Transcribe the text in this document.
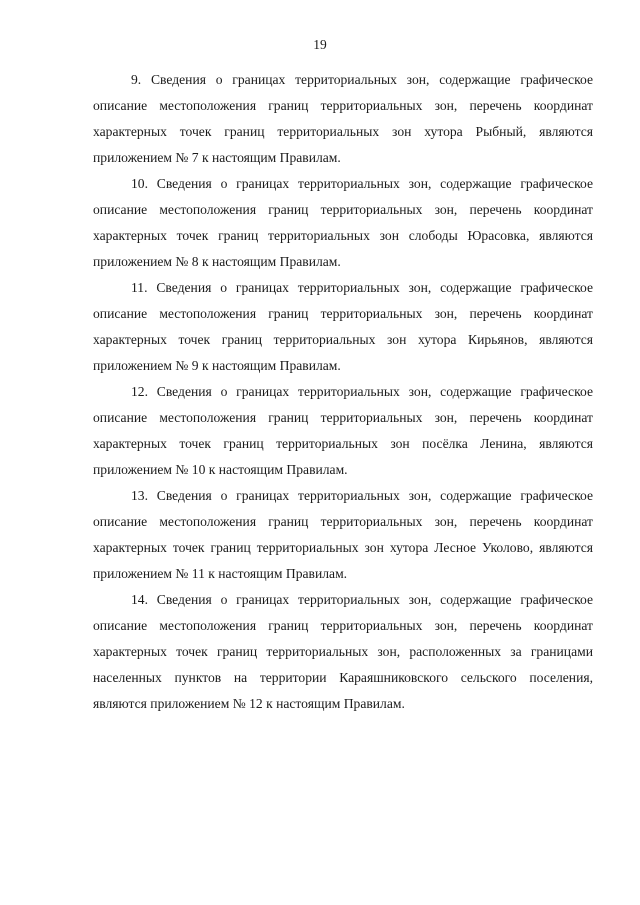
19

9. Сведения о границах территориальных зон, содержащие графическое описание местоположения границ территориальных зон, перечень координат характерных точек границ территориальных зон хутора Рыбный, являются приложением № 7 к настоящим Правилам.

10. Сведения о границах территориальных зон, содержащие графическое описание местоположения границ территориальных зон, перечень координат характерных точек границ территориальных зон слободы Юрасовка, являются приложением № 8 к настоящим Правилам.

11. Сведения о границах территориальных зон, содержащие графическое описание местоположения границ территориальных зон, перечень координат характерных точек границ территориальных зон хутора Кирьянов, являются приложением № 9 к настоящим Правилам.

12. Сведения о границах территориальных зон, содержащие графическое описание местоположения границ территориальных зон, перечень координат характерных точек границ территориальных зон посёлка Ленина, являются приложением № 10 к настоящим Правилам.

13. Сведения о границах территориальных зон, содержащие графическое описание местоположения границ территориальных зон, перечень координат характерных точек границ территориальных зон хутора Лесное Уколово, являются приложением № 11 к настоящим Правилам.

14. Сведения о границах территориальных зон, содержащие графическое описание местоположения границ территориальных зон, перечень координат характерных точек границ территориальных зон, расположенных за границами населенных пунктов на территории Караяшниковского сельского поселения, являются приложением № 12 к настоящим Правилам.
